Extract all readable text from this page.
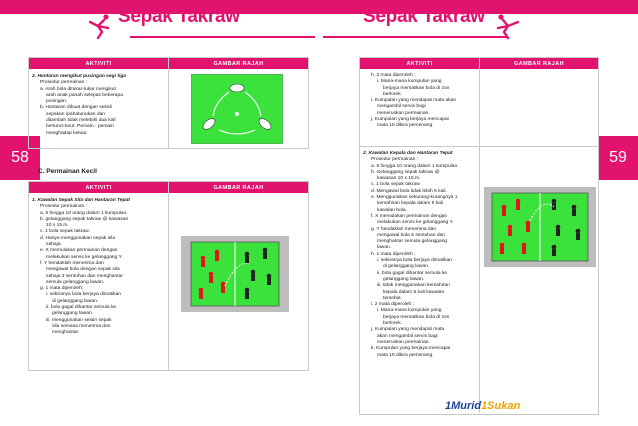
Sepak Takraw
58
AKTIVITI	GAMBAR RAJAH
2. Hantaran mengikut pusingan segi tiga
Prosedur permainan :
a. Arah bola ditukar-tukar mengikut
arah anak panah selepas beberapa
pusingan.
b. Hantaran dibuat dengan sekali
sepakan /pahatunukan dan
ditambah tidak melebihi dua kali
berturut-turut. Pemain - pemain
menghadap keluar.
C. Permainan Kecil
AKTIVITI	GAMBAR RAJAH
1. Kawalan Sepak Sila dan Hantaran Tepat
Prosedur permainan :
a. 5 hingga 10 orang dalam 1 kumpulan.
b. gelanggang sepak takraw @ kawasan
10 x 15 m.
c. 1 bola sepak takraw.
d. Hanya menggunakan sepak sila
sahaja.
e. X memulakan permainan dengan
melakukan servis ke gelanggang Y.
f. Y hendaklah menerima dan
mengawal bola dengan sepak sila
sahaja 3 sentuhan dan menghantar
semula gelanggang lawan.
g. 1 mata diperoleh;
i. sekiranya bola berjaya dimatikan
di gelanggang lawan.
ii. bola gagal dihantar semula ke
gelanggang lawan.
iii. menggunakan selain sepak
sila semasa menerima dan
menghantar.
Sepak Takraw
59
AKTIVITI	GAMBAR RAJAH
h. 2 mata diperoleh ;
i. Mana-mana kumpulan yang
berjaya mematikan bola di zon
berlorek.
i. Kumpulan yang mendapat mata akan
mengambil servis bagi
meneruskan permainan.
j. Kumpulan yang berjaya mencapai
mata 15 dikira pemenang.
2. Kawalan Kepala dan Hantaran Tepat
Prosedur permainan :
a. 5 hingga 10 orang dalam 1 kumpulan.
b. Gelanggang sepak takraw @
kawasan 10 x 15 m.
c. 1 bola sepak takraw.
d. Mengawal bola tidak lebih 5 kali.
e. Menggunakan sekurang-kurangnya 1
kemahiran kepala dalam 5 kali
kawalan bola.
f. X memulakan permainan dengan
melakukan servis ke gelanggang Y.
g. Y hendaklah menerima dan
mengawal bola 5 sentuhan dan
menghantar semula gelanggang
lawan.
h. 1 mata diperoleh ;
i. sekiranya bola berjaya dimatikan
di gelanggang lawan.
ii. bola gagal dihantar semula ke
gelanggang lawan.
iii. tidak menggunakan kemahiran
kepala dalam 5 kali kawalan
tersebut.
i. 2 mata diperoleh ;
i. Mana-mana kumpulan yang
berjaya mematikan bola di zon
berlorek.
j. Kumpulan yang mendapat mata
akan mengambil servis bagi
meneruskan permainan.
k. Kumpulan yang berjaya mencapai
mata 15 dikira pemenang.
1Murid1Sukan
